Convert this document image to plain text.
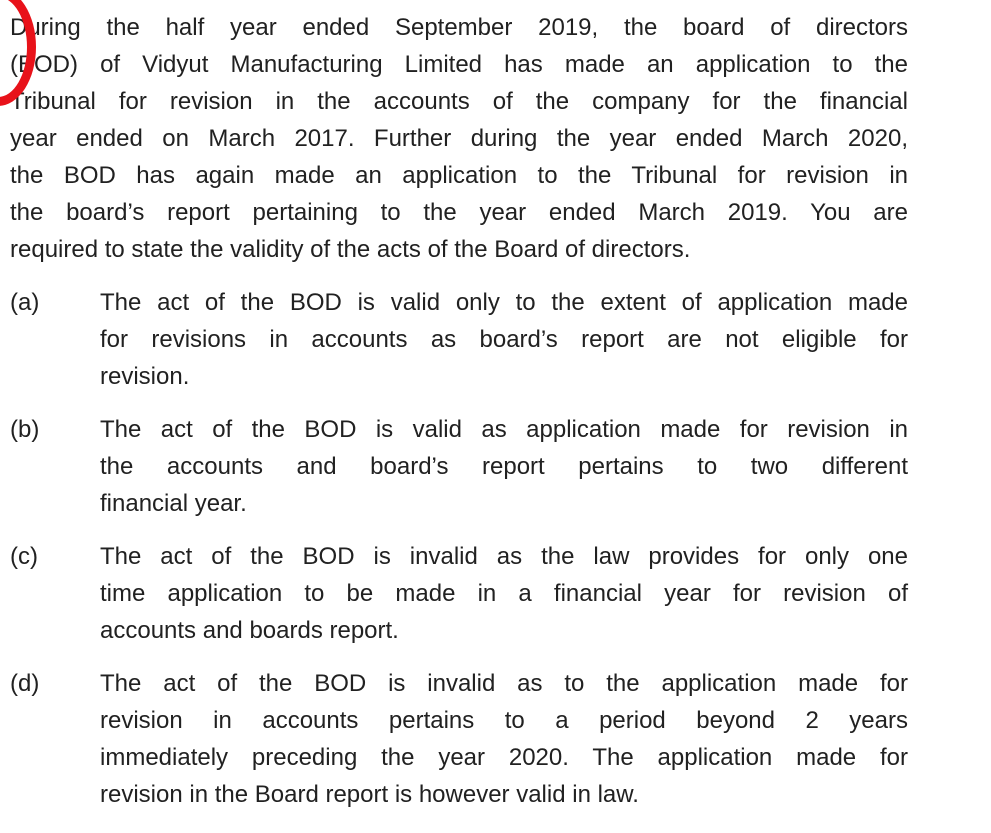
During the half year ended September 2019, the board of directors
(BOD) of Vidyut Manufacturing Limited has made an application to the
Tribunal for revision in the accounts of the company for the financial
year ended on March 2017. Further during the year ended March 2020,
the BOD has again made an application to the Tribunal for revision in
the board’s report pertaining to the year ended March 2019. You are
required to state the validity of the acts of the Board of directors.
(a)	The act of the BOD is valid only to the extent of application made
for revisions in accounts as board’s report are not eligible for
revision.
(b)	The act of the BOD is valid as application made for revision in
the accounts and board’s report pertains to two different
financial year.
(c)	The act of the BOD is invalid as the law provides for only one
time application to be made in a financial year for revision of
accounts and boards report.
(d)	The act of the BOD is invalid as to the application made for
revision in accounts pertains to a period beyond 2 years
immediately preceding the year 2020. The application made for
revision in the Board report is however valid in law.
